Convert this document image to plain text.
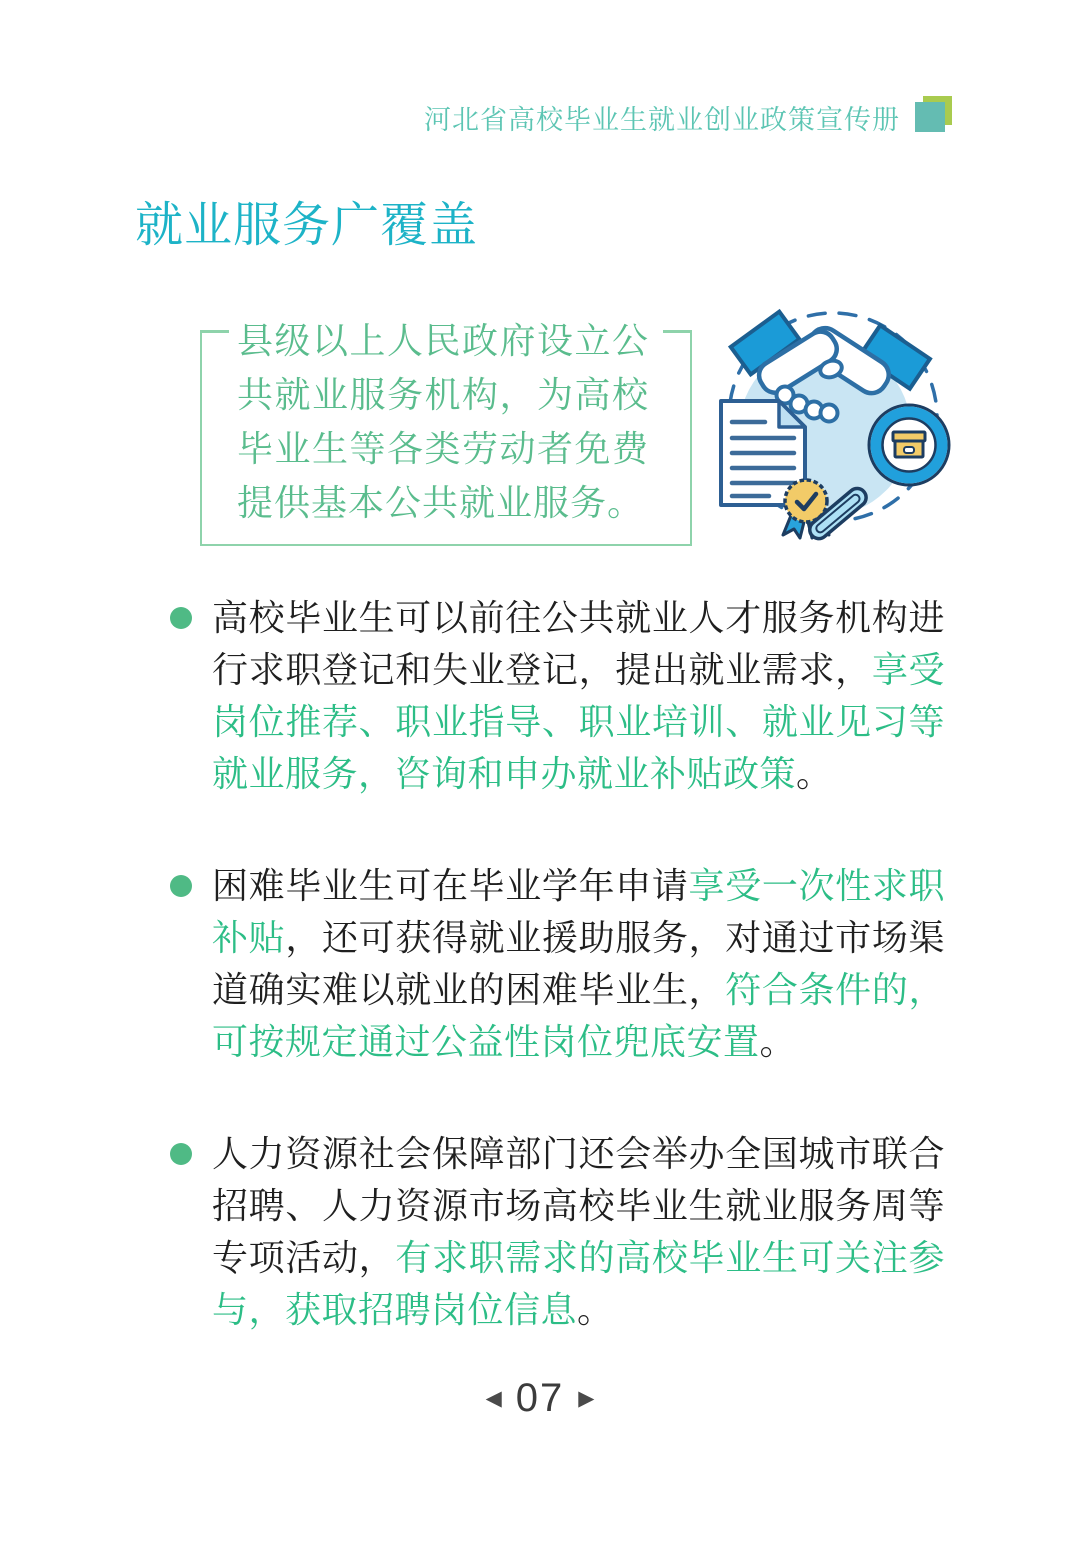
河北省高校毕业生就业创业政策宣传册
就业服务广覆盖
县级以上人民政府设立公共就业服务机构，为高校毕业生等各类劳动者免费提供基本公共就业服务。

高校毕业生可以前往公共就业人才服务机构进行求职登记和失业登记，提出就业需求，享受岗位推荐、职业指导、职业培训、就业见习等就业服务，咨询和申办就业补贴政策。

困难毕业生可在毕业学年申请享受一次性求职补贴，还可获得就业援助服务，对通过市场渠道确实难以就业的困难毕业生，符合条件的，可按规定通过公益性岗位兜底安置。

人力资源社会保障部门还会举办全国城市联合招聘、人力资源市场高校毕业生就业服务周等专项活动，有求职需求的高校毕业生可关注参与，获取招聘岗位信息。

◀ 07 ▶
